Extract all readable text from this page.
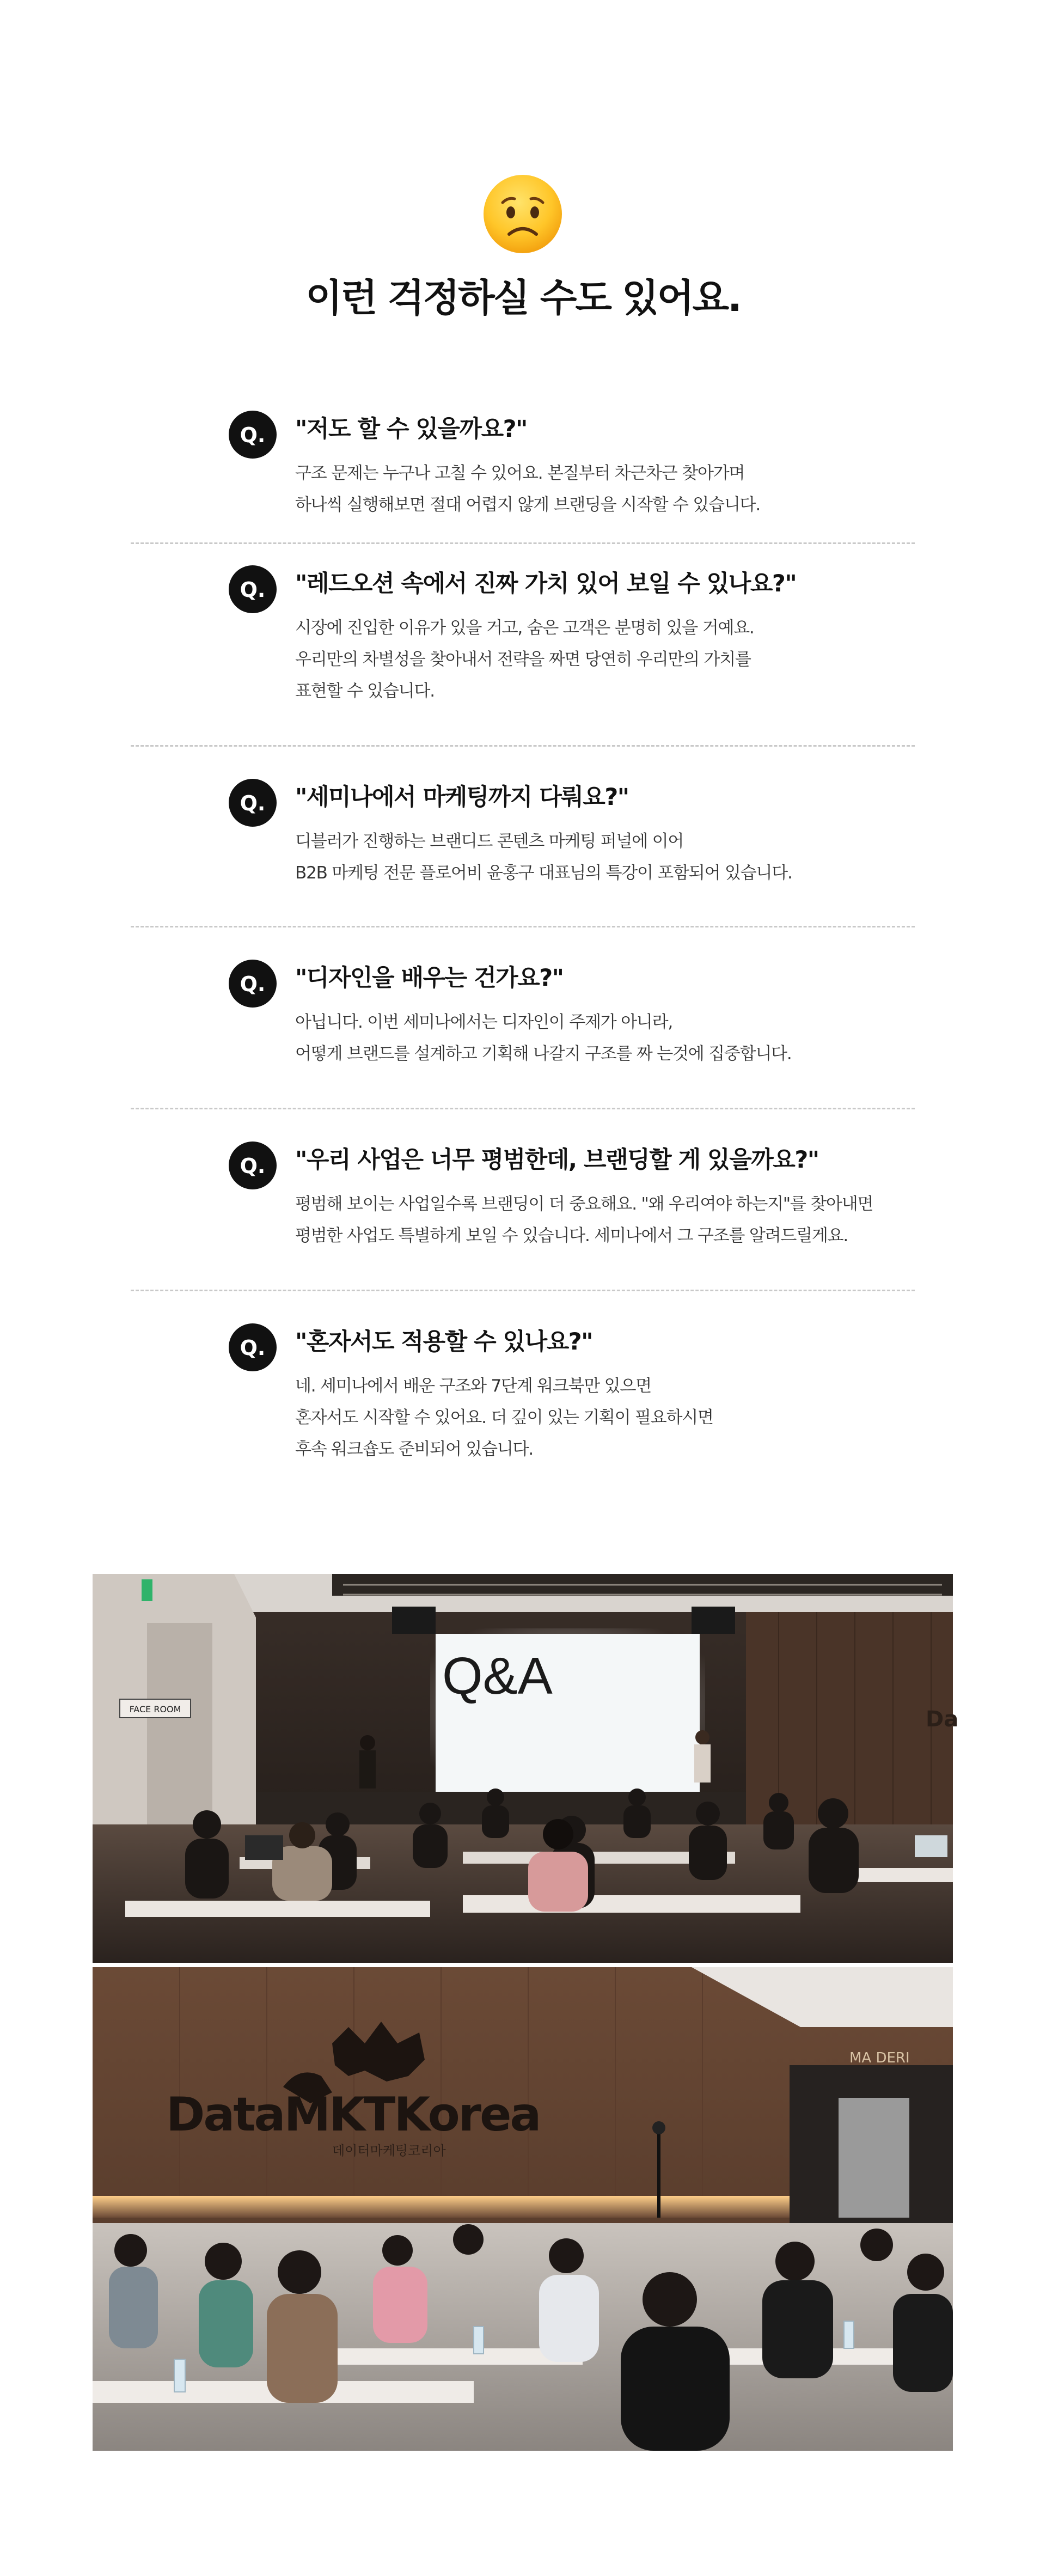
이런 걱정하실 수도 있어요.
Q. "저도 할 수 있을까요?"
구조 문제는 누구나 고칠 수 있어요. 본질부터 차근차근 찾아가며
하나씩 실행해보면 절대 어렵지 않게 브랜딩을 시작할 수 있습니다.
Q. "레드오션 속에서 진짜 가치 있어 보일 수 있나요?"
시장에 진입한 이유가 있을 거고, 숨은 고객은 분명히 있을 거예요.
우리만의 차별성을 찾아내서 전략을 짜면 당연히 우리만의 가치를
표현할 수 있습니다.
Q. "세미나에서 마케팅까지 다뤄요?"
디블러가 진행하는 브랜디드 콘텐츠 마케팅 퍼널에 이어
B2B 마케팅 전문 플로어비 윤홍구 대표님의 특강이 포함되어 있습니다.
Q. "디자인을 배우는 건가요?"
아닙니다. 이번 세미나에서는 디자인이 주제가 아니라,
어떻게 브랜드를 설계하고 기획해 나갈지 구조를 짜 는것에 집중합니다.
Q. "우리 사업은 너무 평범한데, 브랜딩할 게 있을까요?"
평범해 보이는 사업일수록 브랜딩이 더 중요해요. "왜 우리여야 하는지"를 찾아내면
평범한 사업도 특별하게 보일 수 있습니다. 세미나에서 그 구조를 알려드릴게요.
Q. "혼자서도 적용할 수 있나요?"
네. 세미나에서 배운 구조와 7단계 워크북만 있으면
혼자서도 시작할 수 있어요. 더 깊이 있는 기획이 필요하시면
후속 워크숍도 준비되어 있습니다.
FACE ROOM	Da
Q&A
MA DERI
DataMKTKorea
데이터마케팅코리아
